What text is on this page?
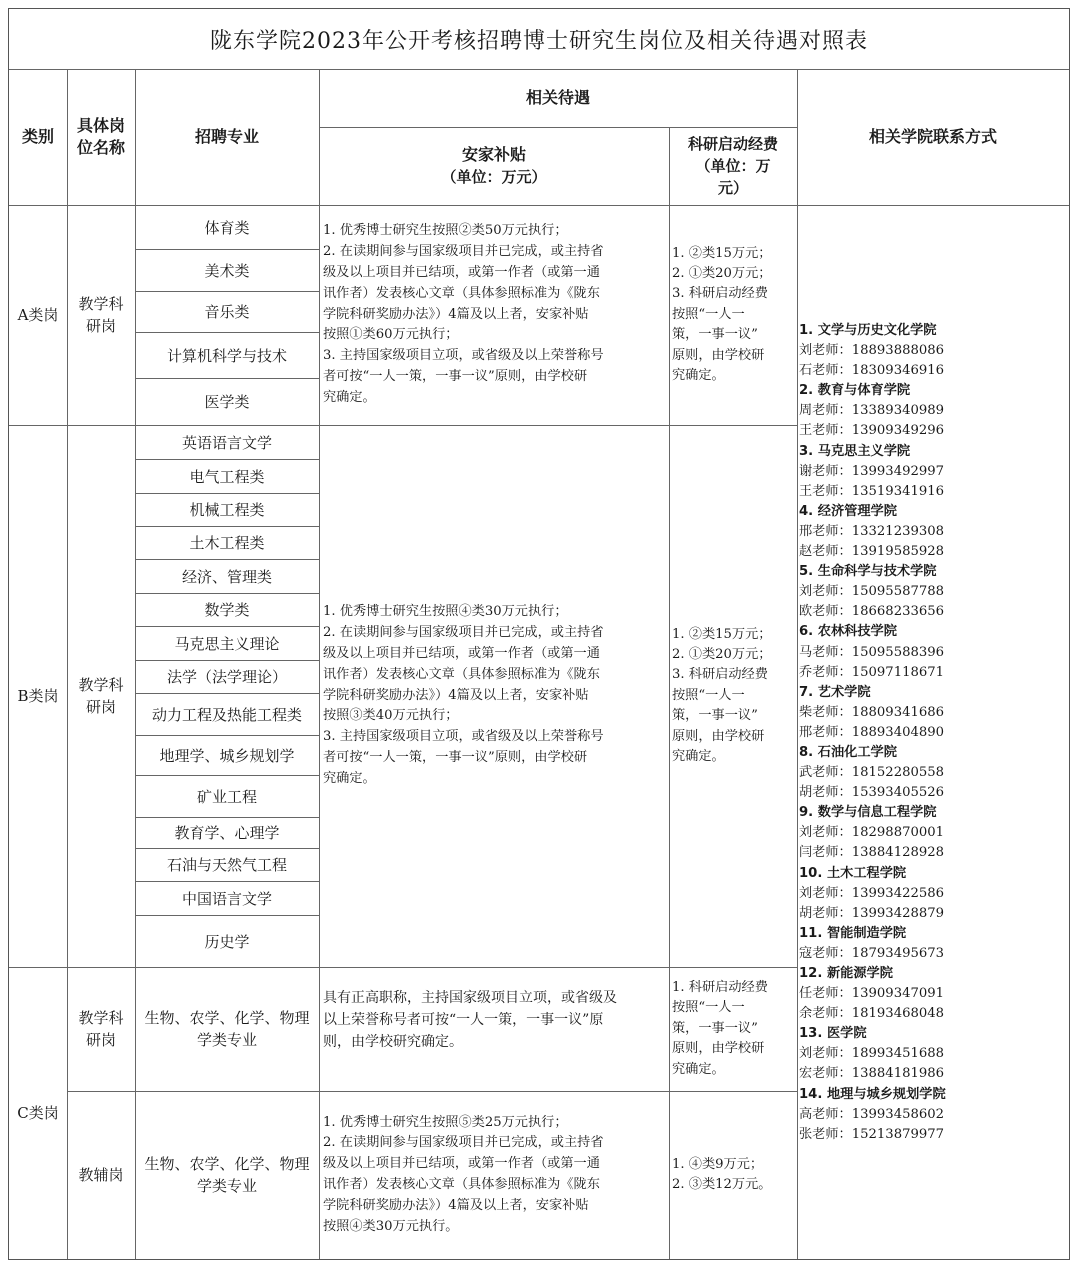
陇东学院2023年公开考核招聘博士研究生岗位及相关待遇对照表
类别
具体岗
位名称
招聘专业
相关待遇
安家补贴
（单位：万元）
科研启动经费
（单位：万
元）
相关学院联系方式
A类岗
教学科
研岗
1. 优秀博士研究生按照②类50万元执行；
2. 在读期间参与国家级项目并已完成，或主持省
级及以上项目并已结项，或第一作者（或第一通
讯作者）发表核心文章（具体参照标准为《陇东
学院科研奖励办法》）4篇及以上者，安家补贴
按照①类60万元执行；
3. 主持国家级项目立项，或省级及以上荣誉称号
者可按“一人一策，一事一议”原则，由学校研
究确定。
1. ②类15万元；
2. ①类20万元；
3. 科研启动经费
按照“一人一
策，一事一议”
原则，由学校研
究确定。
B类岗
教学科
研岗
1. 优秀博士研究生按照④类30万元执行；
2. 在读期间参与国家级项目并已完成，或主持省
级及以上项目并已结项，或第一作者（或第一通
讯作者）发表核心文章（具体参照标准为《陇东
学院科研奖励办法》）4篇及以上者，安家补贴
按照③类40万元执行；
3. 主持国家级项目立项，或省级及以上荣誉称号
者可按“一人一策，一事一议”原则，由学校研
究确定。
1. ②类15万元；
2. ①类20万元；
3. 科研启动经费
按照“一人一
策，一事一议”
原则，由学校研
究确定。
C类岗
教学科
研岗
生物、农学、化学、物理
学类专业
具有正高职称，主持国家级项目立项，或省级及
以上荣誉称号者可按“一人一策，一事一议”原
则，由学校研究确定。
1. 科研启动经费
按照“一人一
策，一事一议”
原则，由学校研
究确定。
教辅岗
生物、农学、化学、物理
学类专业
1. 优秀博士研究生按照⑤类25万元执行；
2. 在读期间参与国家级项目并已完成，或主持省
级及以上项目并已结项，或第一作者（或第一通
讯作者）发表核心文章（具体参照标准为《陇东
学院科研奖励办法》）4篇及以上者，安家补贴
按照④类30万元执行。
1. ④类9万元；
2. ③类12万元。
1. 文学与历史文化学院
刘老师：18893888086
石老师：18309346916
2. 教育与体育学院
周老师：13389340989
王老师：13909349296
3. 马克思主义学院
谢老师：13993492997
王老师：13519341916
4. 经济管理学院
邢老师：13321239308
赵老师：13919585928
5. 生命科学与技术学院
刘老师：15095587788
欧老师：18668233656
6. 农林科技学院
马老师：15095588396
乔老师：15097118671
7. 艺术学院
柴老师：18809341686
邢老师：18893404890
8. 石油化工学院
武老师：18152280558
胡老师：15393405526
9. 数学与信息工程学院
刘老师：18298870001
闫老师：13884128928
10. 土木工程学院
刘老师：13993422586
胡老师：13993428879
11. 智能制造学院
寇老师：18793495673
12. 新能源学院
任老师：13909347091
余老师：18193468048
13. 医学院
刘老师：18993451688
宏老师：13884181986
14. 地理与城乡规划学院
高老师：13993458602
张老师：15213879977
体育类
美术类
音乐类
计算机科学与技术
医学类
英语语言文学
电气工程类
机械工程类
土木工程类
经济、管理类
数学类
马克思主义理论
法学（法学理论）
动力工程及热能工程类
地理学、城乡规划学
矿业工程
教育学、心理学
石油与天然气工程
中国语言文学
历史学
